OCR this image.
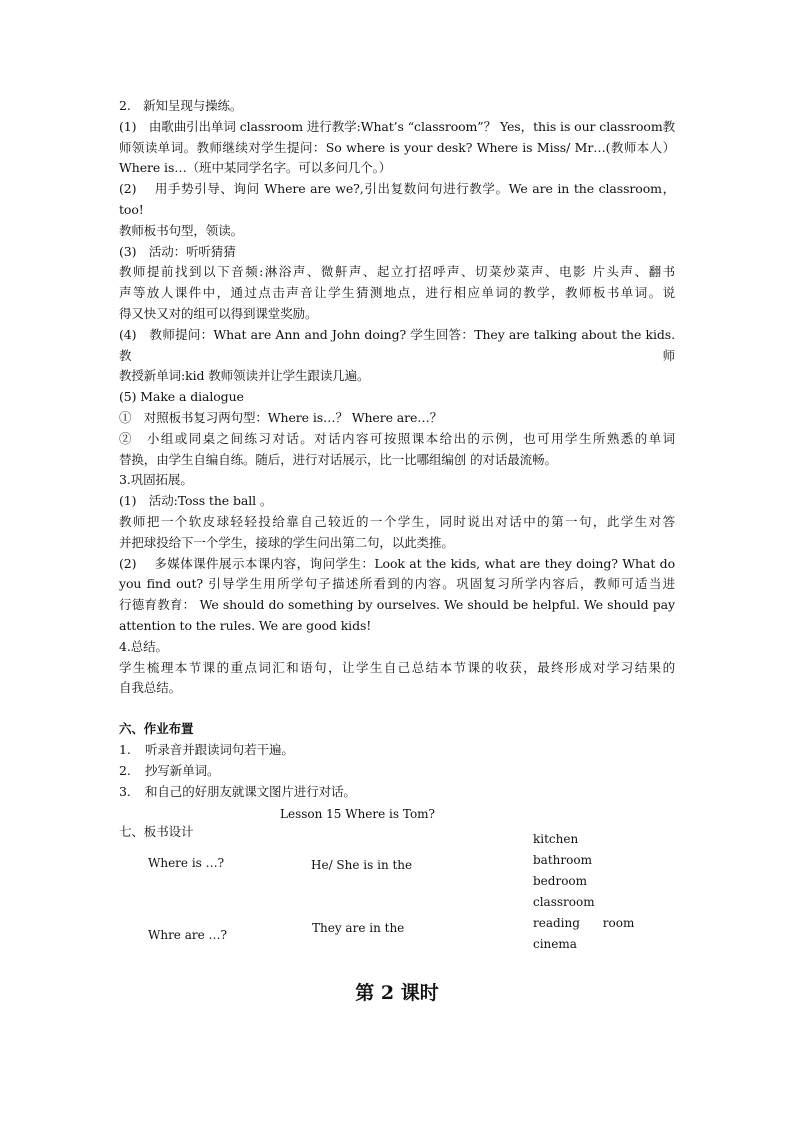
2.　新知呈现与操练。
(1)　由歌曲引出单词 classroom 进行教学:What’s “classroom”？ Yes，this is our classroom教
师领读单词。教师继续对学生提问：So where is your desk? Where is Miss/ Mr…(教师本人）
Where is…（班中某同学名字。可以多问几个。）
(2)　 用手势引导、询问 Where are we?,引出复数问句进行教学。We are in the classroom，too!
教师板书句型，领读。
(3)　活动：听听猜猜
教师提前找到以下音频:淋浴声、微鼾声、起立打招呼声、切菜炒菜声、电影 片头声、翻书
声等放人课件中，通过点击声音让学生猜测地点，进行相应单词的教学，教师板书单词。说
得又快又对的组可以得到课堂奖励。
(4)　教师提问：What are Ann and John doing? 学生回答：They are talking about the kids.教师
教授新单词:kid 教师领读并让学生跟读几遍。
(5) Make a dialogue
①　对照板书复习两句型：Where is…？ Where are…？
②　小组或同桌之间练习对话。对话内容可按照课本给出的示例，也可用学生所熟悉的单词
替换，由学生自编自练。随后，进行对话展示，比一比哪组编创 的对话最流畅。
3.巩固拓展。
(1)　活动:Toss the ball 。
教师把一个软皮球轻轻投给靠自己较近的一个学生，同时说出对话中的第一句，此学生对答
并把球投给下一个学生，接球的学生问出第二句，以此类推。
(2)　 多媒体课件展示本课内容，询问学生：Look at the kids, what are they doing? What do
you find out? 引导学生用所学句子描述所看到的内容。巩固复习所学内容后，教师可适当进
行德育教育： We should do something by ourselves. We should be helpful. We should pay
attention to the rules. We are good kids!
4.总结。
学生梳理本节课的重点词汇和语句，让学生自己总结本节课的收获，最终形成对学习结果的
自我总结。
六、作业布置
1. 听录音并跟读词句若干遍。
2. 抄写新单词。
3. 和自己的好朋友就课文图片进行对话。
七、板书设计
Lesson 15 Where is Tom?
Where is …?	He/ She is in the
Whre are …?	They are in the
kitchen
bathroom
bedroom
classroom
reading      room
cinema
第 2 课时
